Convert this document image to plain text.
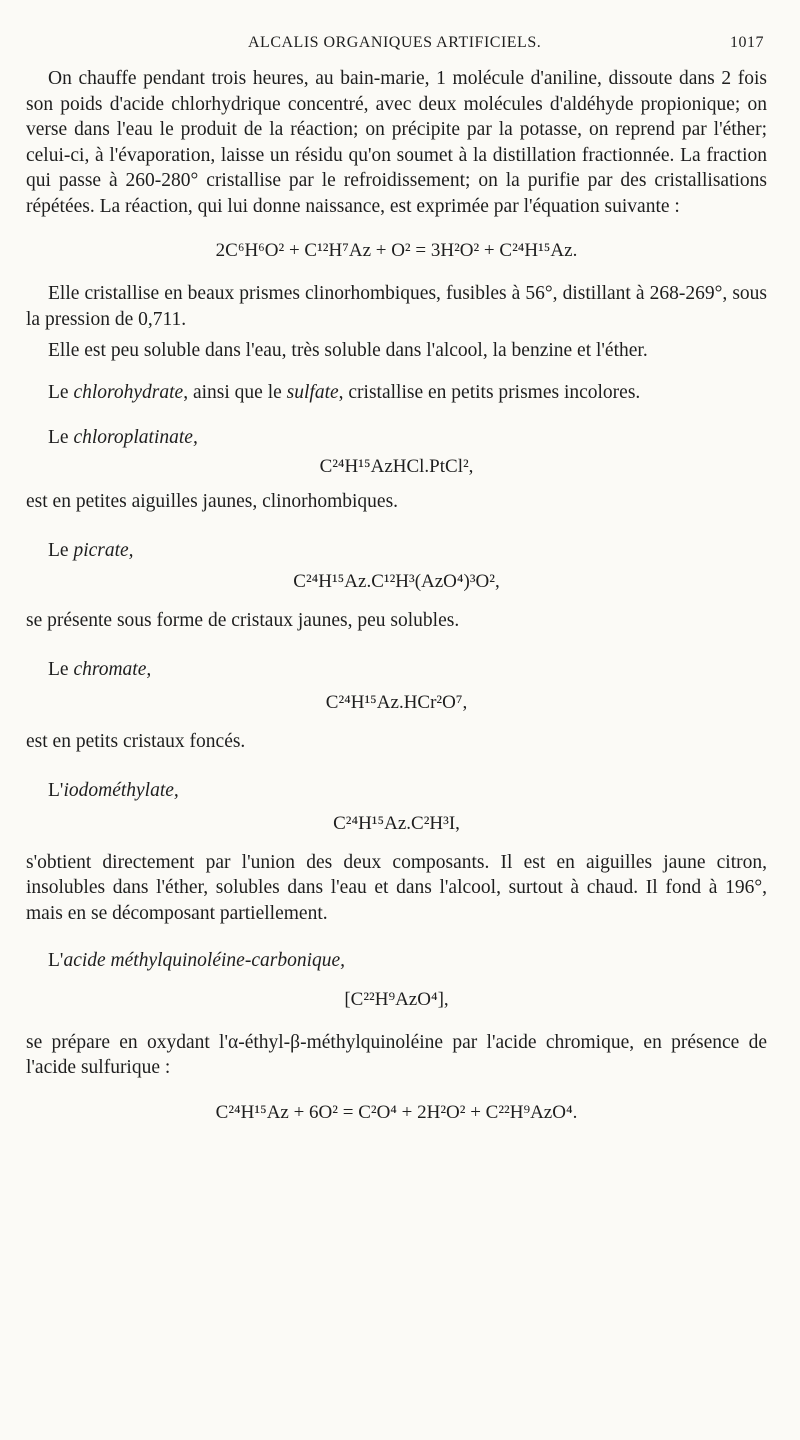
ALCALIS ORGANIQUES ARTIFICIELS.	1017

On chauffe pendant trois heures, au bain-marie, 1 molécule d'aniline, dissoute dans 2 fois son poids d'acide chlorhydrique concentré, avec deux molécules d'aldéhyde propionique; on verse dans l'eau le produit de la réaction; on précipite par la potasse, on reprend par l'éther; celui-ci, à l'évaporation, laisse un résidu qu'on soumet à la distillation fractionnée. La fraction qui passe à 260-280° cristallise par le refroidissement; on la purifie par des cristallisations répétées. La réaction, qui lui donne naissance, est exprimée par l'équation suivante :

2C⁶H⁶O² + C¹²H⁷Az + O² = 3H²O² + C²⁴H¹⁵Az.

Elle cristallise en beaux prismes clinorhombiques, fusibles à 56°, distillant à 268-269°, sous la pression de 0,711.

Elle est peu soluble dans l'eau, très soluble dans l'alcool, la benzine et l'éther.

Le chlorohydrate, ainsi que le sulfate, cristallise en petits prismes incolores.

Le chloroplatinate,

C²⁴H¹⁵AzHCl.PtCl²,

est en petites aiguilles jaunes, clinorhombiques.

Le picrate,

C²⁴H¹⁵Az.C¹²H³(AzO⁴)³O²,

se présente sous forme de cristaux jaunes, peu solubles.

Le chromate,

C²⁴H¹⁵Az.HCr²O⁷,

est en petits cristaux foncés.

L'iodométhylate,

C²⁴H¹⁵Az.C²H³I,

s'obtient directement par l'union des deux composants. Il est en aiguilles jaune citron, insolubles dans l'éther, solubles dans l'eau et dans l'alcool, surtout à chaud. Il fond à 196°, mais en se décomposant partiellement.

L'acide méthylquinoléine-carbonique,

[C²²H⁹AzO⁴],

se prépare en oxydant l'α-éthyl-β-méthylquinoléine par l'acide chromique, en présence de l'acide sulfurique :

C²⁴H¹⁵Az + 6O² = C²O⁴ + 2H²O² + C²²H⁹AzO⁴.
